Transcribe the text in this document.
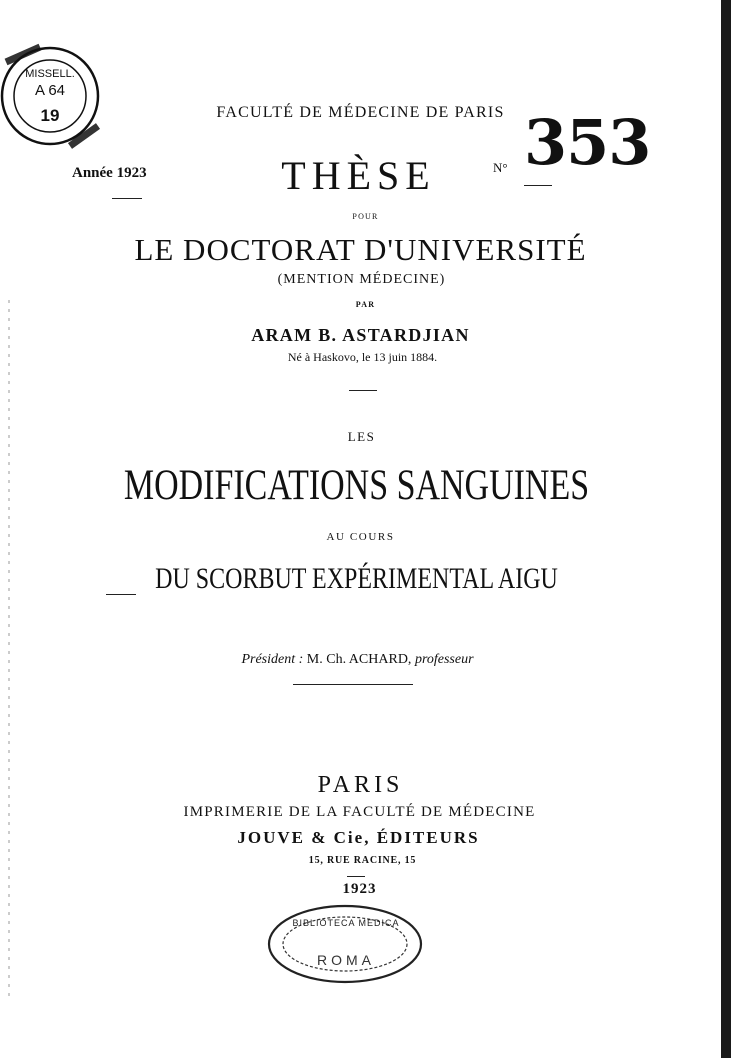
MISSELL.
A 64
19	FACULTÉ DE MÉDECINE DE PARIS
Année 1923	THÈSE	N° 353
POUR
LE DOCTORAT D'UNIVERSITÉ
(MENTION MÉDECINE)
PAR
ARAM B. ASTARDJIAN
Né à Haskovo, le 13 juin 1884.
LES
MODIFICATIONS SANGUINES
AU COURS
DU SCORBUT EXPÉRIMENTAL AIGU
Président : M. Ch. ACHARD, professeur
PARIS
IMPRIMERIE DE LA FACULTÉ DE MÉDECINE
JOUVE & Cie, ÉDITEURS
15, RUE RACINE, 15
1923
BIBLIOTECA MEDICA
ROMA
